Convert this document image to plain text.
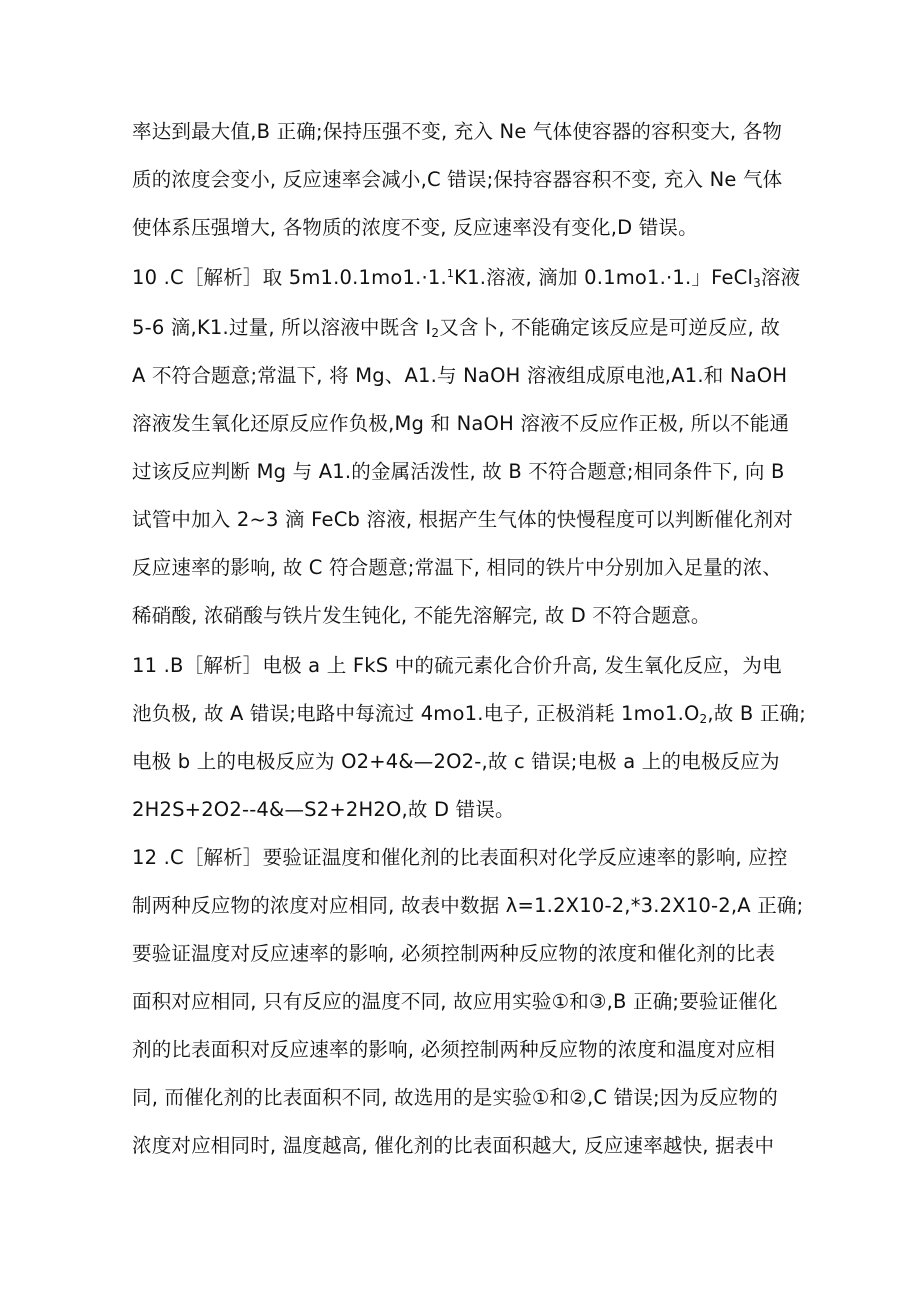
率达到最大值,B 正确;保持压强不变, 充入 Ne 气体使容器的容积变大, 各物
质的浓度会变小, 反应速率会减小,C 错误;保持容器容积不变, 充入 Ne 气体
使体系压强增大, 各物质的浓度不变, 反应速率没有变化,D 错误。
10 .C［解析］取 5m1.0.1mo1.·1.$^1$K1.溶液, 滴加 0.1mo1.·1.」FeCl$_3$溶液
5-6 滴,K1.过量, 所以溶液中既含 $I_2$又含卜, 不能确定该反应是可逆反应, 故
A 不符合题意;常温下, 将 Mg、A1.与 NaOH 溶液组成原电池,A1.和 NaOH
溶液发生氧化还原反应作负极,Mg 和 NaOH 溶液不反应作正极, 所以不能通
过该反应判断 Mg 与 A1.的金属活泼性, 故 B 不符合题意;相同条件下, 向 B
试管中加入 2~3 滴 FeCb 溶液, 根据产生气体的快慢程度可以判断催化剂对
反应速率的影响, 故 C 符合题意;常温下, 相同的铁片中分别加入足量的浓、
稀硝酸, 浓硝酸与铁片发生钝化, 不能先溶解完, 故 D 不符合题意。
11 .B［解析］电极 a 上 FkS 中的硫元素化合价升高, 发生氧化反应，为电
池负极, 故 A 错误;电路中每流过 4mo1.电子, 正极消耗 $1mo1.O_2$,故 B 正确;
电极 b 上的电极反应为 O2+4&—2O2-,故 c 错误;电极 a 上的电极反应为
2H2S+2O2--4&—S2+2H2O,故 D 错误。
12 .C［解析］要验证温度和催化剂的比表面积对化学反应速率的影响, 应控
制两种反应物的浓度对应相同, 故表中数据 λ=1.2X10-2,*3.2X10-2,A 正确;
要验证温度对反应速率的影响, 必须控制两种反应物的浓度和催化剂的比表
面积对应相同, 只有反应的温度不同, 故应用实验①和③,B 正确;要验证催化
剂的比表面积对反应速率的影响, 必须控制两种反应物的浓度和温度对应相
同, 而催化剂的比表面积不同, 故选用的是实验①和②,C 错误;因为反应物的
浓度对应相同时, 温度越高, 催化剂的比表面积越大, 反应速率越快, 据表中
